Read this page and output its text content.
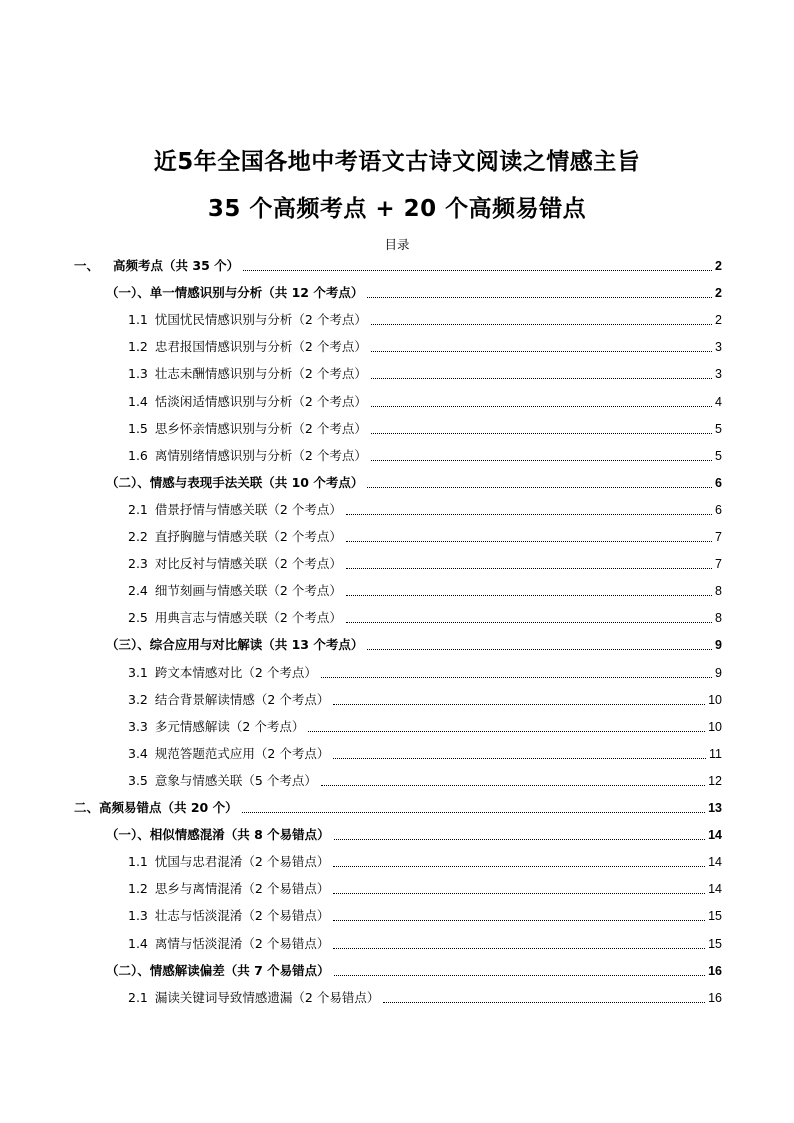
近5年全国各地中考语文古诗文阅读之情感主旨
35 个高频考点 + 20 个高频易错点
目录
一、 高频考点（共 35 个）	2
（一）、单一情感识别与分析（共 12 个考点）	2
1.1 忧国忧民情感识别与分析（2 个考点）	2
1.2 忠君报国情感识别与分析（2 个考点）	3
1.3 壮志未酬情感识别与分析（2 个考点）	3
1.4 恬淡闲适情感识别与分析（2 个考点）	4
1.5 思乡怀亲情感识别与分析（2 个考点）	5
1.6 离情别绪情感识别与分析（2 个考点）	5
（二）、情感与表现手法关联（共 10 个考点）	6
2.1 借景抒情与情感关联（2 个考点）	6
2.2 直抒胸臆与情感关联（2 个考点）	7
2.3 对比反衬与情感关联（2 个考点）	7
2.4 细节刻画与情感关联（2 个考点）	8
2.5 用典言志与情感关联（2 个考点）	8
（三）、综合应用与对比解读（共 13 个考点）	9
3.1 跨文本情感对比（2 个考点）	9
3.2 结合背景解读情感（2 个考点）	10
3.3 多元情感解读（2 个考点）	10
3.4 规范答题范式应用（2 个考点）	11
3.5 意象与情感关联（5 个考点）	12
二、高频易错点（共 20 个）	13
（一）、相似情感混淆（共 8 个易错点）	14
1.1 忧国与忠君混淆（2 个易错点）	14
1.2 思乡与离情混淆（2 个易错点）	14
1.3 壮志与恬淡混淆（2 个易错点）	15
1.4 离情与恬淡混淆（2 个易错点）	15
（二）、情感解读偏差（共 7 个易错点）	16
2.1 漏读关键词导致情感遗漏（2 个易错点）	16
